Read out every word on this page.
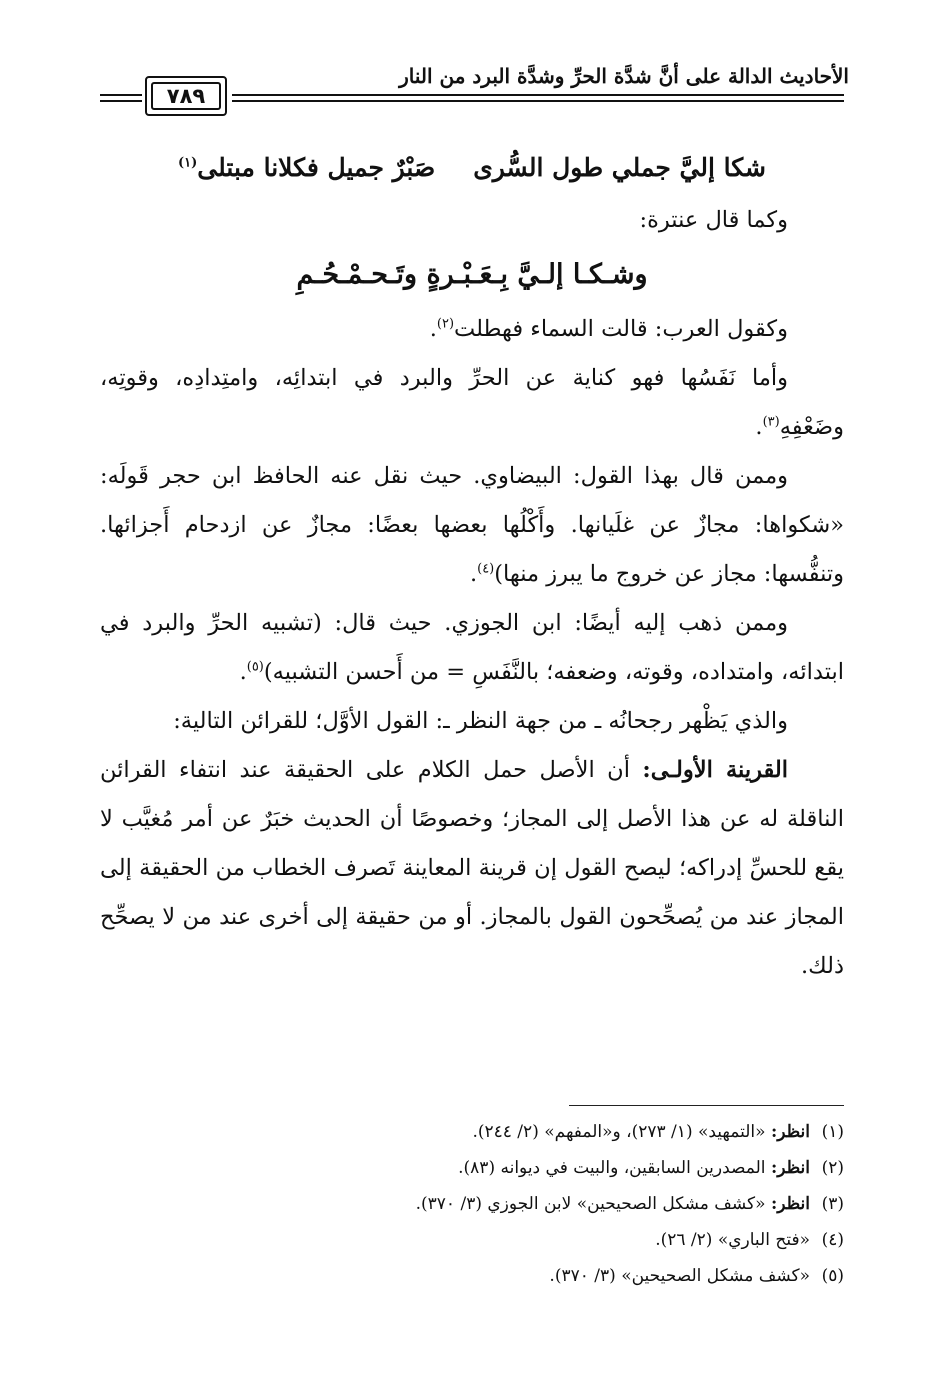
الأحاديث الدالة على أنَّ شدَّة الحرِّ وشدَّة البرد من النار
٧٨٩

شكا إليَّ جملي طول السُّرىصَبْرٌ جميل فكلانا مبتلى$^{(١)}$

وكما قال عنترة:

وشـكـا إلـيَّ بِـعَـبْـرةٍ وتَـحـمْـحُـمِ

وكقول العرب: قالت السماء فهطلت$^{(٢)}$.

وأما نَفَسُها فهو كناية عن الحرِّ والبرد في ابتدائِه، وامتِدادِه، وقوتِه، وضَعْفِهِ$^{(٣)}$.

وممن قال بهذا القول: البيضاوي. حيث نقل عنه الحافظ ابن حجر قَولَه: «شكواها: مجازٌ عن غلَيانها. وأَكْلُها بعضها بعضًا: مجازٌ عن ازدحام أَجزائها. وتنفُّسها: مجاز عن خروج ما يبرز منها)$^{(٤)}$.

وممن ذهب إليه أيضًا: ابن الجوزي. حيث قال: (تشبيه الحرِّ والبرد في ابتدائه، وامتداده، وقوته، وضعفه؛ بالنَّفَسِ = من أَحسن التشبيه)$^{(٥)}$.

والذي يَظْهر رجحانُه ـ من جهة النظر ـ: القول الأوَّل؛ للقرائن التالية:

القرينة الأولـى: أن الأصل حمل الكلام على الحقيقة عند انتفاء القرائن الناقلة له عن هذا الأصل إلى المجاز؛ وخصوصًا أن الحديث خبَرٌ عن أمر مُغيَّب لا يقع للحسِّ إدراكه؛ ليصح القول إن قرينة المعاينة تَصرف الخطاب من الحقيقة إلى المجاز عند من يُصحِّحون القول بالمجاز. أو من حقيقة إلى أخرى عند من لا يصحِّح ذلك.

(١)انظر: «التمهيد» (١/ ٢٧٣)، و«المفهم» (٢/ ٢٤٤).
(٢)انظر: المصدرين السابقين، والبيت في ديوانه (٨٣).
(٣)انظر: «كشف مشكل الصحيحين» لابن الجوزي (٣/ ٣٧٠).
(٤)«فتح الباري» (٢/ ٢٦).
(٥)«كشف مشكل الصحيحين» (٣/ ٣٧٠).
